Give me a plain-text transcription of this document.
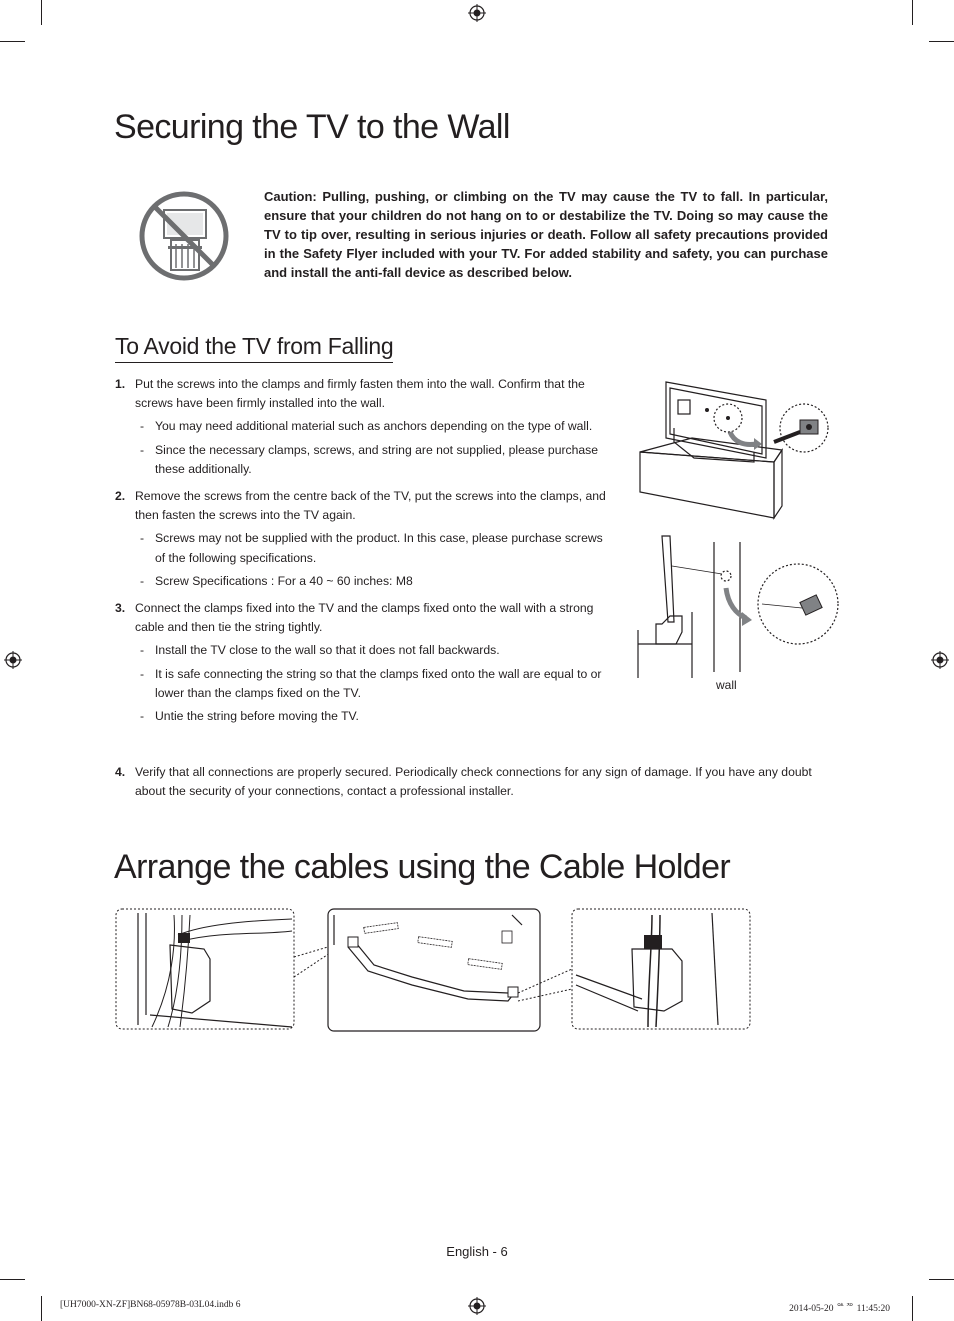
Securing the TV to the Wall

Caution: Pulling, pushing, or climbing on the TV may cause the TV to fall. In particular, ensure that your children do not hang on to or destabilize the TV. Doing so may cause the TV to tip over, resulting in serious injuries or death. Follow all safety precautions provided in the Safety Flyer included with your TV. For added stability and safety, you can purchase and install the anti-fall device as described below.

To Avoid the TV from Falling
1. Put the screws into the clamps and firmly fasten them into the wall. Confirm that the screws have been firmly installed into the wall.
- You may need additional material such as anchors depending on the type of wall.
- Since the necessary clamps, screws, and string are not supplied, please purchase these additionally.
2. Remove the screws from the centre back of the TV, put the screws into the clamps, and then fasten the screws into the TV again.
- Screws may not be supplied with the product. In this case, please purchase screws of the following specifications.
- Screw Specifications : For a 40 ~ 60 inches: M8
3. Connect the clamps fixed into the TV and the clamps fixed onto the wall with a strong cable and then tie the string tightly.
- Install the TV close to the wall so that it does not fall backwards.
- It is safe connecting the string so that the clamps fixed onto the wall are equal to or lower than the clamps fixed on the TV.
- Untie the string before moving the TV.
4. Verify that all connections are properly secured. Periodically check connections for any sign of damage. If you have any doubt about the security of your connections, contact a professional installer.
wall
Arrange the cables using the Cable Holder
English - 6
[UH7000-XN-ZF]BN68-05978B-03L04.indb 6	2014-05-20 ᅆᅍ 11:45:20
